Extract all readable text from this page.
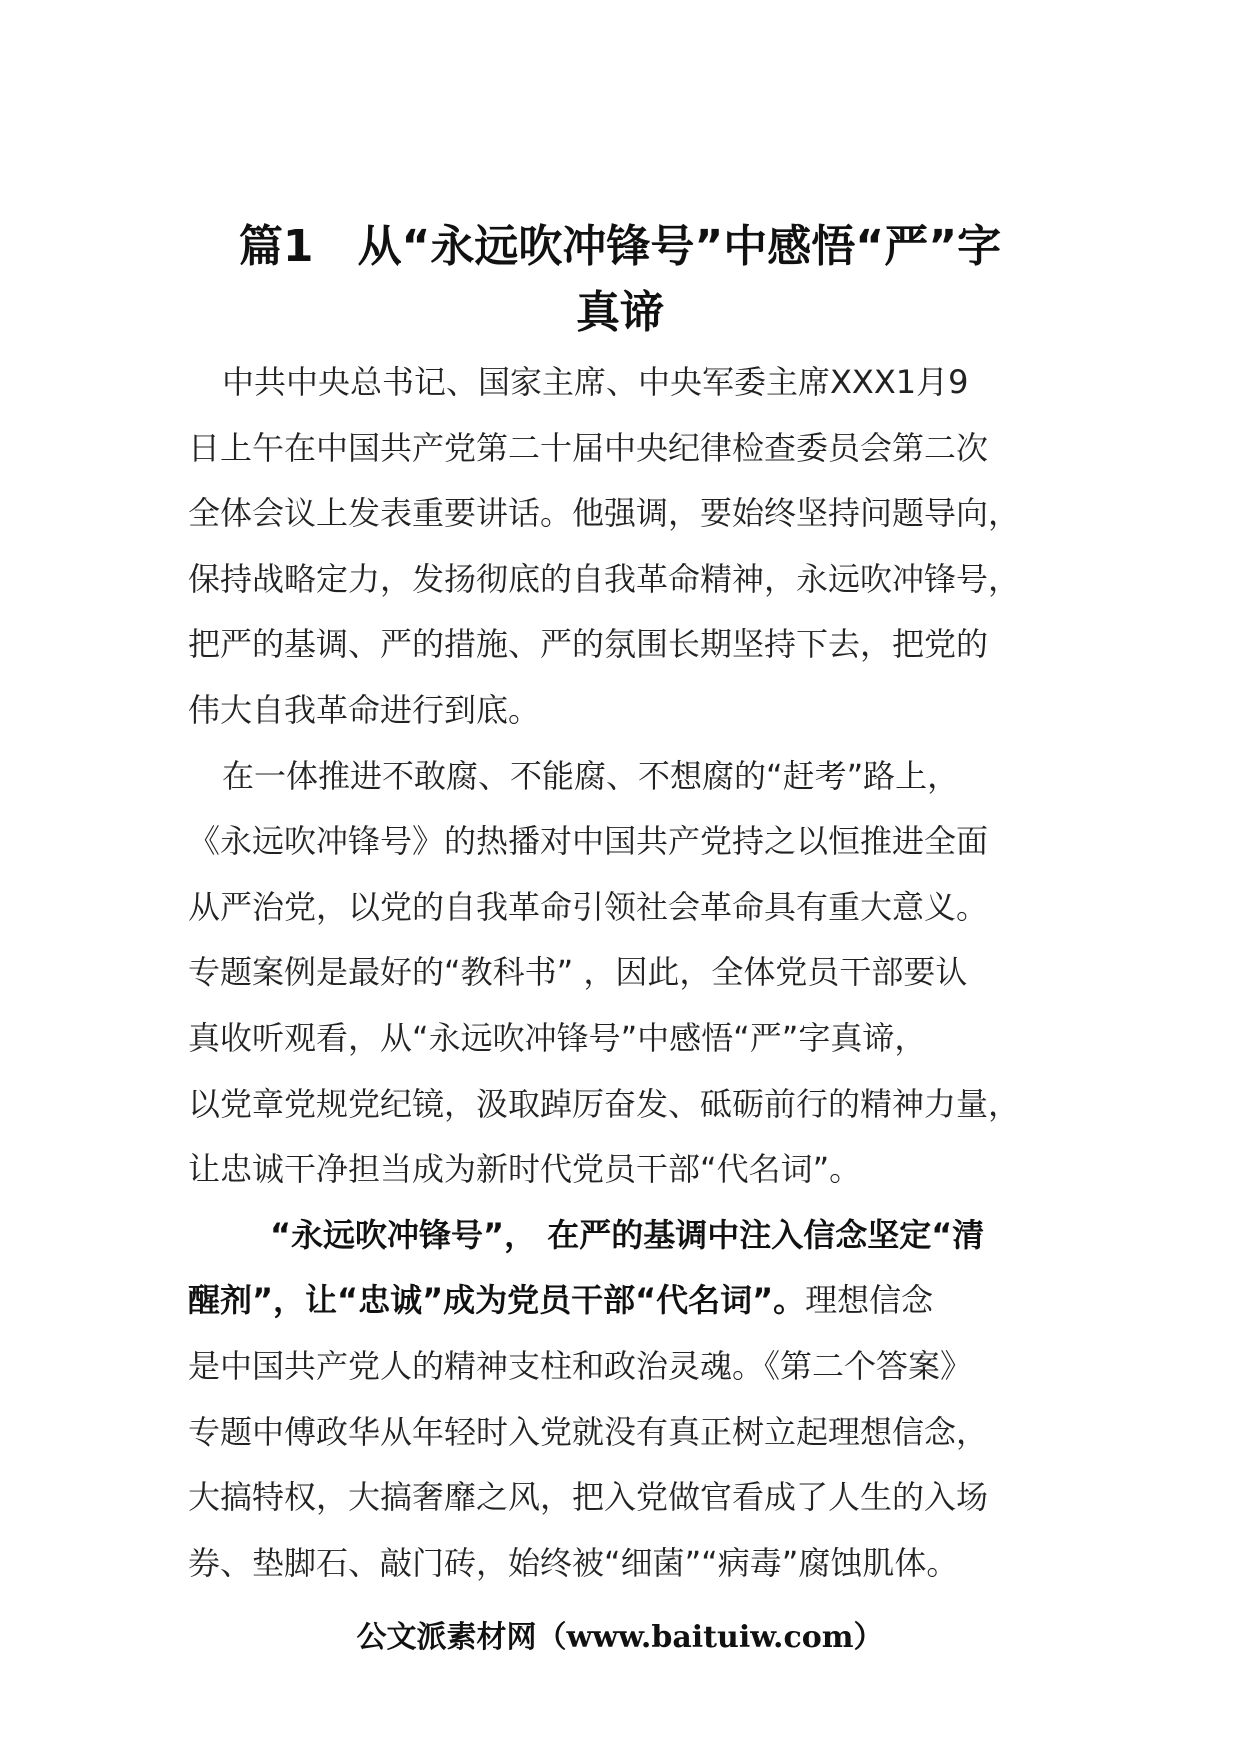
篇1　从“永远吹冲锋号”中感悟“严”字
真谛

中共中央总书记、国家主席、中央军委主席XXX1月9
日上午在中国共产党第二十届中央纪律检查委员会第二次
全体会议上发表重要讲话。他强调，要始终坚持问题导向，
保持战略定力，发扬彻底的自我革命精神，永远吹冲锋号，
把严的基调、严的措施、严的氛围长期坚持下去，把党的
伟大自我革命进行到底。

在一体推进不敢腐、不能腐、不想腐的“赶考”路上，
《永远吹冲锋号》的热播对中国共产党持之以恒推进全面
从严治党，以党的自我革命引领社会革命具有重大意义。
专题案例是最好的“教科书” ，因此，全体党员干部要认
真收听观看，从“永远吹冲锋号”中感悟“严”字真谛，
以党章党规党纪镜，汲取踔厉奋发、砥砺前行的精神力量，
让忠诚干净担当成为新时代党员干部“代名词”。

“永远吹冲锋号”， 在严的基调中注入信念坚定“清
醒剂”，让“忠诚”成为党员干部“代名词”。理想信念
是中国共产党人的精神支柱和政治灵魂。《第二个答案》
专题中傅政华从年轻时入党就没有真正树立起理想信念，
大搞特权，大搞奢靡之风，把入党做官看成了人生的入场
券、垫脚石、敲门砖，始终被“细菌”“病毒”腐蚀肌体。

公文派素材网（www.baituiw.com）
